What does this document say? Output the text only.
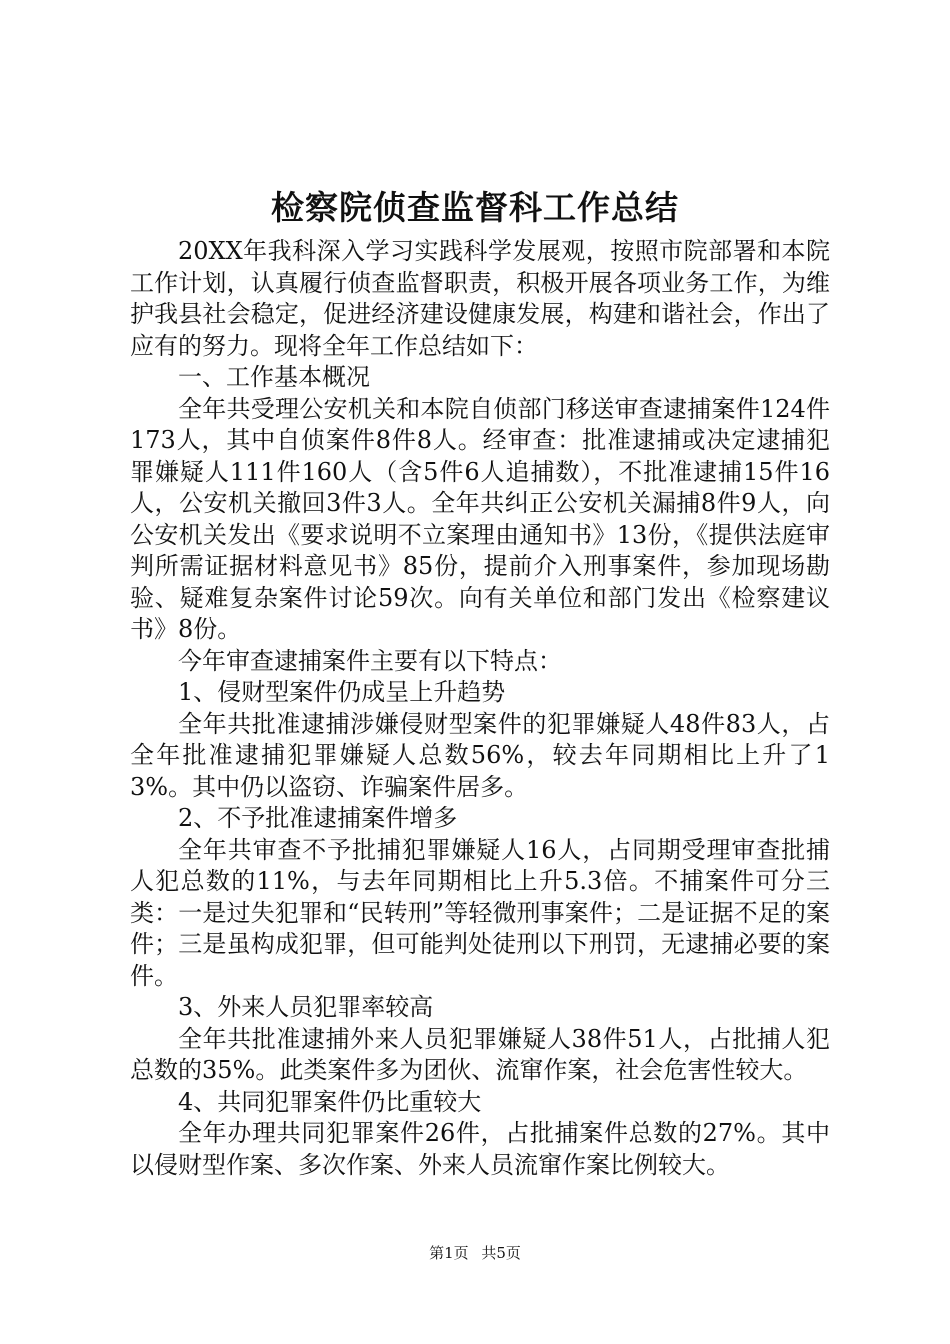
检察院侦查监督科工作总结

20XX年我科深入学习实践科学发展观，按照市院部署和本院工作计划，认真履行侦查监督职责，积极开展各项业务工作，为维护我县社会稳定，促进经济建设健康发展，构建和谐社会，作出了应有的努力。现将全年工作总结如下：

一、工作基本概况

全年共受理公安机关和本院自侦部门移送审查逮捕案件124件173人，其中自侦案件8件8人。经审查：批准逮捕或决定逮捕犯罪嫌疑人111件160人（含5件6人追捕数），不批准逮捕15件16人，公安机关撤回3件3人。全年共纠正公安机关漏捕8件9人，向公安机关发出《要求说明不立案理由通知书》13份，《提供法庭审判所需证据材料意见书》85份，提前介入刑事案件，参加现场勘验、疑难复杂案件讨论59次。向有关单位和部门发出《检察建议书》8份。

今年审查逮捕案件主要有以下特点：

1、侵财型案件仍成呈上升趋势

全年共批准逮捕涉嫌侵财型案件的犯罪嫌疑人48件83人，占全年批准逮捕犯罪嫌疑人总数56%，较去年同期相比上升了13%。其中仍以盗窃、诈骗案件居多。

2、不予批准逮捕案件增多

全年共审查不予批捕犯罪嫌疑人16人，占同期受理审查批捕人犯总数的11%，与去年同期相比上升5.3倍。不捕案件可分三类：一是过失犯罪和“民转刑”等轻微刑事案件；二是证据不足的案件；三是虽构成犯罪，但可能判处徒刑以下刑罚，无逮捕必要的案件。

3、外来人员犯罪率较高

全年共批准逮捕外来人员犯罪嫌疑人38件51人，占批捕人犯总数的35%。此类案件多为团伙、流窜作案，社会危害性较大。

4、共同犯罪案件仍比重较大

全年办理共同犯罪案件26件，占批捕案件总数的27%。其中以侵财型作案、多次作案、外来人员流窜作案比例较大。

第1页 共5页
